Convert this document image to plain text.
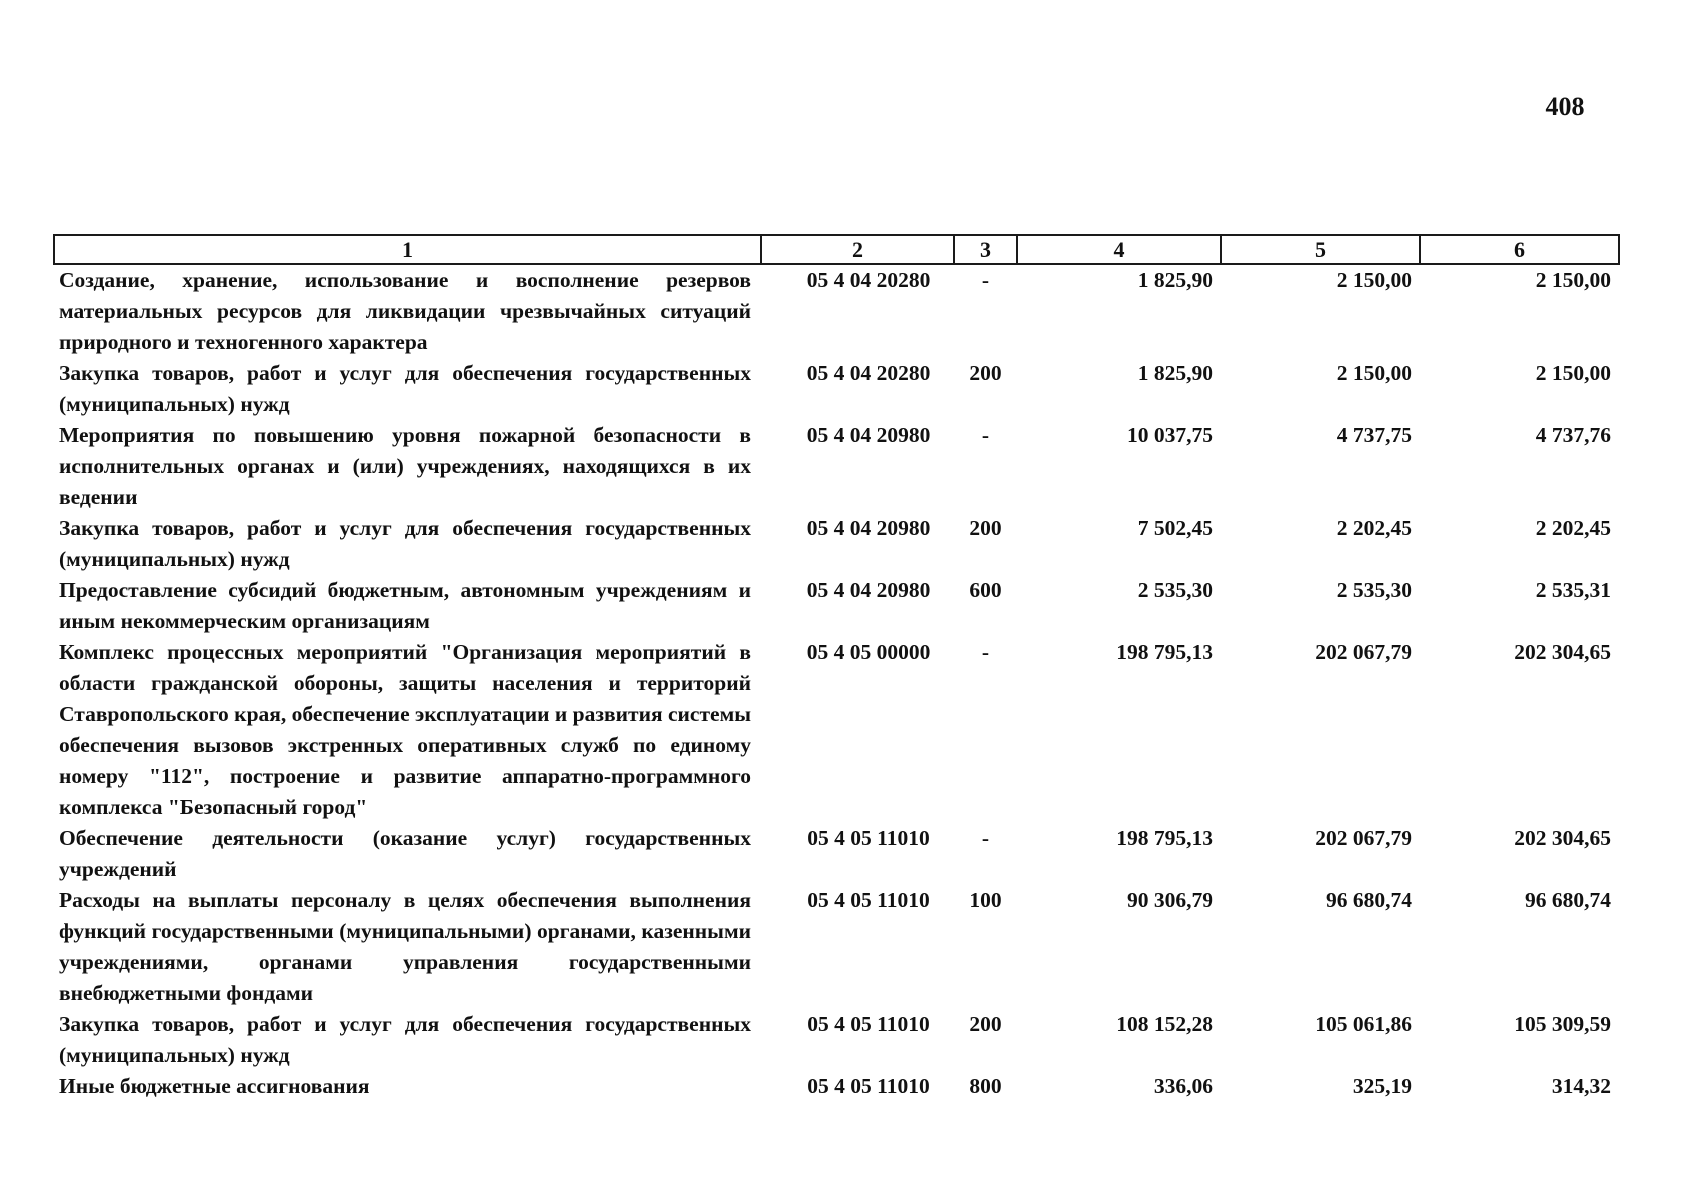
408
1	2	3	4	5	6
Создание, хранение, использование и восполнение резервов материальных ресурсов для ликвидации чрезвычайных ситуаций природного и техногенного характера	05 4 04 20280	-	1 825,90	2 150,00	2 150,00
Закупка товаров, работ и услуг для обеспечения государственных (муниципальных) нужд	05 4 04 20280	200	1 825,90	2 150,00	2 150,00
Мероприятия по повышению уровня пожарной безопасности в исполнительных органах и (или) учреждениях, находящихся в их ведении	05 4 04 20980	-	10 037,75	4 737,75	4 737,76
Закупка товаров, работ и услуг для обеспечения государственных (муниципальных) нужд	05 4 04 20980	200	7 502,45	2 202,45	2 202,45
Предоставление субсидий бюджетным, автономным учреждениям и иным некоммерческим организациям	05 4 04 20980	600	2 535,30	2 535,30	2 535,31
Комплекс процессных мероприятий "Организация мероприятий в области гражданской обороны, защиты населения и территорий Ставропольского края, обеспечение эксплуатации и развития системы обеспечения вызовов экстренных оперативных служб по единому номеру "112", построение и развитие аппаратно-программного комплекса "Безопасный город"	05 4 05 00000	-	198 795,13	202 067,79	202 304,65
Обеспечение деятельности (оказание услуг) государственных учреждений	05 4 05 11010	-	198 795,13	202 067,79	202 304,65
Расходы на выплаты персоналу в целях обеспечения выполнения функций государственными (муниципальными) органами, казенными учреждениями, органами управления государственными внебюджетными фондами	05 4 05 11010	100	90 306,79	96 680,74	96 680,74
Закупка товаров, работ и услуг для обеспечения государственных (муниципальных) нужд	05 4 05 11010	200	108 152,28	105 061,86	105 309,59
Иные бюджетные ассигнования	05 4 05 11010	800	336,06	325,19	314,32
